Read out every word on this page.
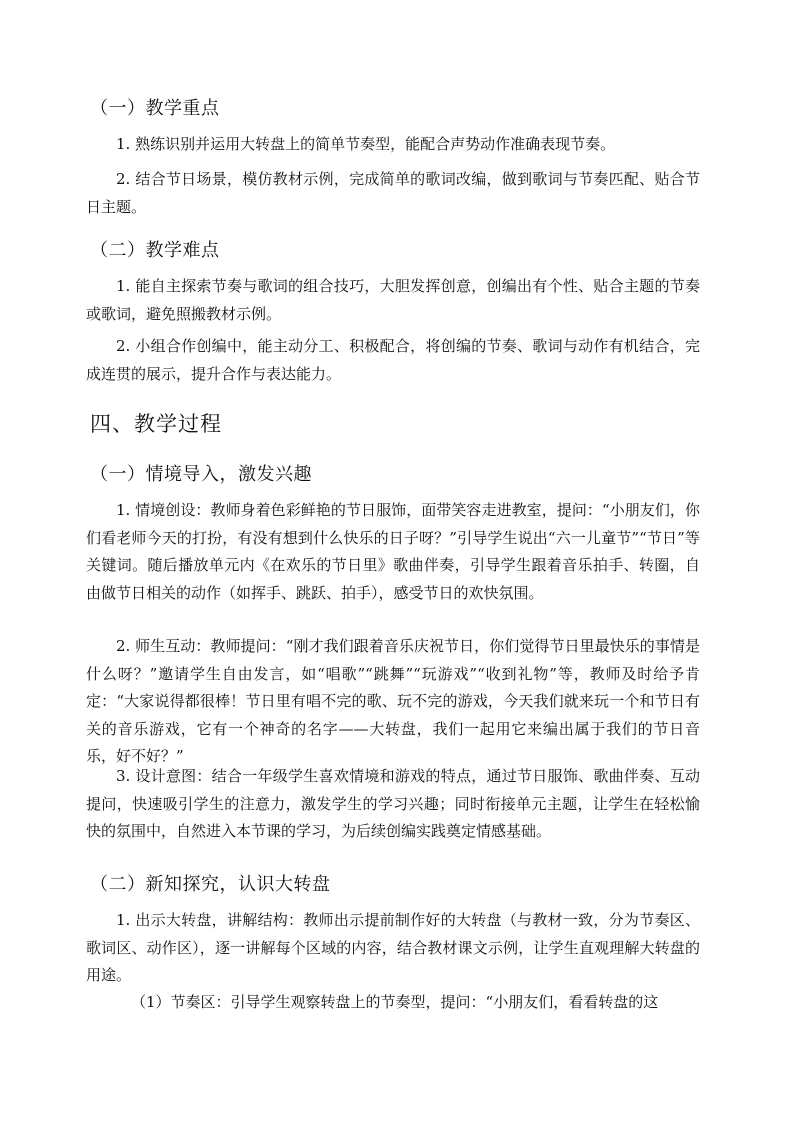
（一）教学重点

1. 熟练识别并运用大转盘上的简单节奏型，能配合声势动作准确表现节奏。

2. 结合节日场景，模仿教材示例，完成简单的歌词改编，做到歌词与节奏匹配、贴合节日主题。

（二）教学难点

1. 能自主探索节奏与歌词的组合技巧，大胆发挥创意，创编出有个性、贴合主题的节奏或歌词，避免照搬教材示例。

2. 小组合作创编中，能主动分工、积极配合，将创编的节奏、歌词与动作有机结合，完成连贯的展示，提升合作与表达能力。

四、教学过程
（一）情境导入，激发兴趣

1. 情境创设：教师身着色彩鲜艳的节日服饰，面带笑容走进教室，提问：“小朋友们，你们看老师今天的打扮，有没有想到什么快乐的日子呀？”引导学生说出“六一儿童节”“节日”等关键词。随后播放单元内《在欢乐的节日里》歌曲伴奏，引导学生跟着音乐拍手、转圈，自由做节日相关的动作（如挥手、跳跃、拍手），感受节日的欢快氛围。

2. 师生互动：教师提问：“刚才我们跟着音乐庆祝节日，你们觉得节日里最快乐的事情是什么呀？”邀请学生自由发言，如“唱歌”“跳舞”“玩游戏”“收到礼物”等，教师及时给予肯定：“大家说得都很棒！节日里有唱不完的歌、玩不完的游戏，今天我们就来玩一个和节日有关的音乐游戏，它有一个神奇的名字——大转盘，我们一起用它来编出属于我们的节日音乐，好不好？”

3. 设计意图：结合一年级学生喜欢情境和游戏的特点，通过节日服饰、歌曲伴奏、互动提问，快速吸引学生的注意力，激发学生的学习兴趣；同时衔接单元主题，让学生在轻松愉快的氛围中，自然进入本节课的学习，为后续创编实践奠定情感基础。

（二）新知探究，认识大转盘

1. 出示大转盘，讲解结构：教师出示提前制作好的大转盘（与教材一致，分为节奏区、歌词区、动作区），逐一讲解每个区域的内容，结合教材课文示例，让学生直观理解大转盘的用途。

（1）节奏区：引导学生观察转盘上的节奏型，提问：“小朋友们，看看转盘的这
